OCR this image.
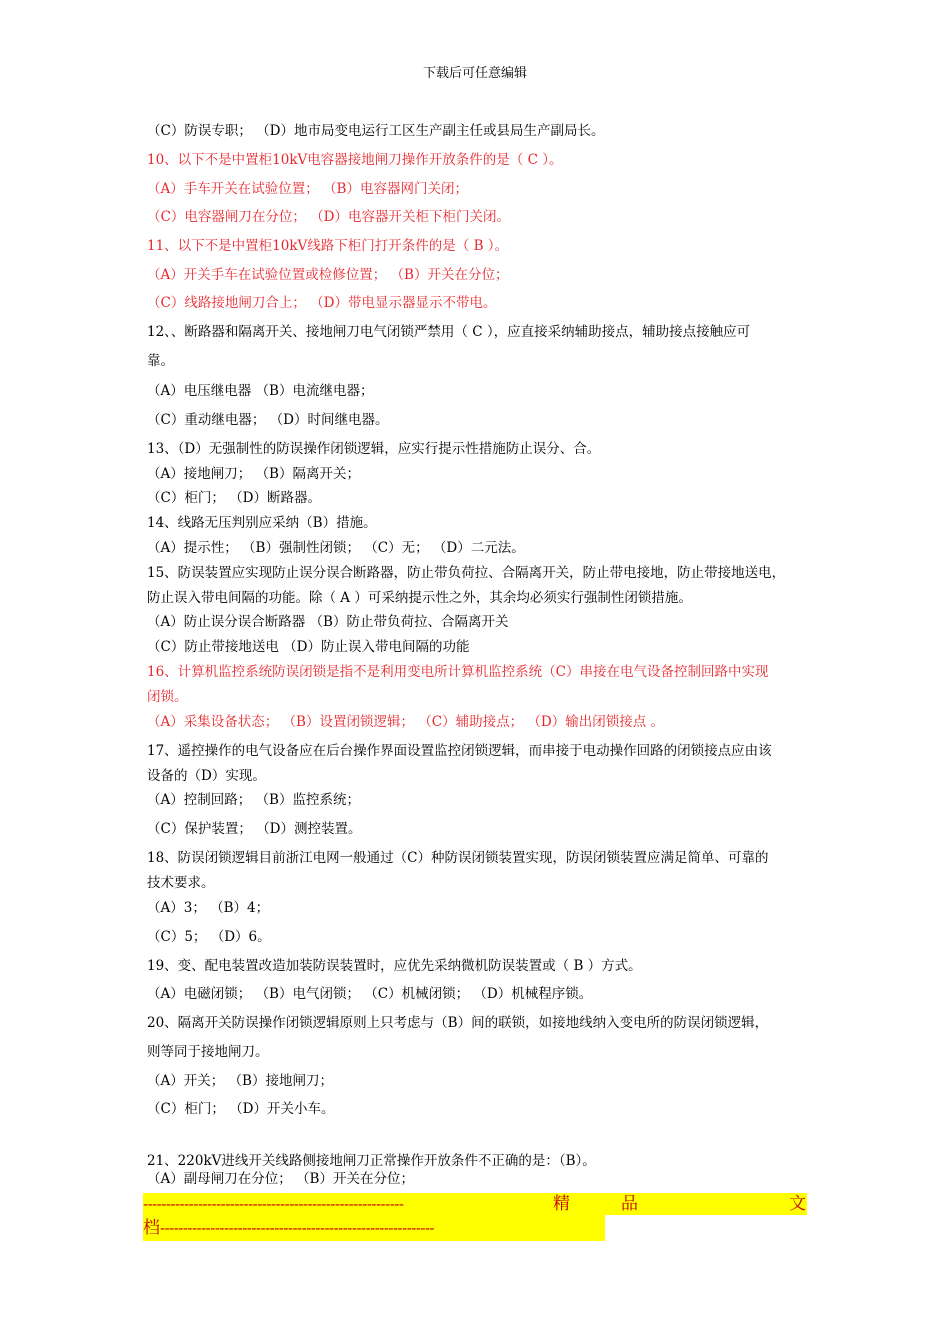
下载后可任意编辑
（C）防误专职； （D）地市局变电运行工区生产副主任或县局生产副局长。
10、以下不是中置柜10kV电容器接地闸刀操作开放条件的是（ C ）。
（A）手车开关在试验位置； （B）电容器网门关闭；
（C）电容器闸刀在分位； （D）电容器开关柜下柜门关闭。
11、以下不是中置柜10kV线路下柜门打开条件的是（ B ）。
（A）开关手车在试验位置或检修位置； （B）开关在分位；
（C）线路接地闸刀合上； （D）带电显示器显示不带电。
12、、断路器和隔离开关、接地闸刀电气闭锁严禁用（ C ），应直接采纳辅助接点，辅助接点接触应可
靠。
（A）电压继电器 （B）电流继电器；
（C）重动继电器； （D）时间继电器。
13、（D）无强制性的防误操作闭锁逻辑，应实行提示性措施防止误分、合。
（A）接地闸刀； （B）隔离开关；
（C）柜门； （D）断路器。
14、线路无压判别应采纳（B）措施。
（A）提示性； （B）强制性闭锁； （C）无； （D）二元法。
15、防误装置应实现防止误分误合断路器，防止带负荷拉、合隔离开关，防止带电接地，防止带接地送电，
防止误入带电间隔的功能。除（ A ）可采纳提示性之外，其余均必须实行强制性闭锁措施。
（A）防止误分误合断路器 （B）防止带负荷拉、合隔离开关
（C）防止带接地送电 （D）防止误入带电间隔的功能
16、计算机监控系统防误闭锁是指不是利用变电所计算机监控系统（C）串接在电气设备控制回路中实现
闭锁。
（A）采集设备状态； （B）设置闭锁逻辑； （C）辅助接点； （D）输出闭锁接点 。
17、遥控操作的电气设备应在后台操作界面设置监控闭锁逻辑，而串接于电动操作回路的闭锁接点应由该
设备的（D）实现。
（A）控制回路； （B）监控系统；
（C）保护装置； （D）测控装置。
18、防误闭锁逻辑目前浙江电网一般通过（C）种防误闭锁装置实现，防误闭锁装置应满足简单、可靠的
技术要求。
（A）3； （B）4；
（C）5； （D）6。
19、变、配电装置改造加装防误装置时，应优先采纳微机防误装置或（ B ）方式。
（A）电磁闭锁； （B）电气闭锁； （C）机械闭锁； （D）机械程序锁。
20、隔离开关防误操作闭锁逻辑原则上只考虑与（B）间的联锁，如接地线纳入变电所的防误闭锁逻辑，
则等同于接地闸刀。
（A）开关； （B）接地闸刀；
（C）柜门； （D）开关小车。
21、220kV进线开关线路侧接地闸刀正常操作开放条件不正确的是：（B）。
（A）副母闸刀在分位； （B）开关在分位；
---------------------------------------------------------	精	品	文
档------------------------------------------------------------
